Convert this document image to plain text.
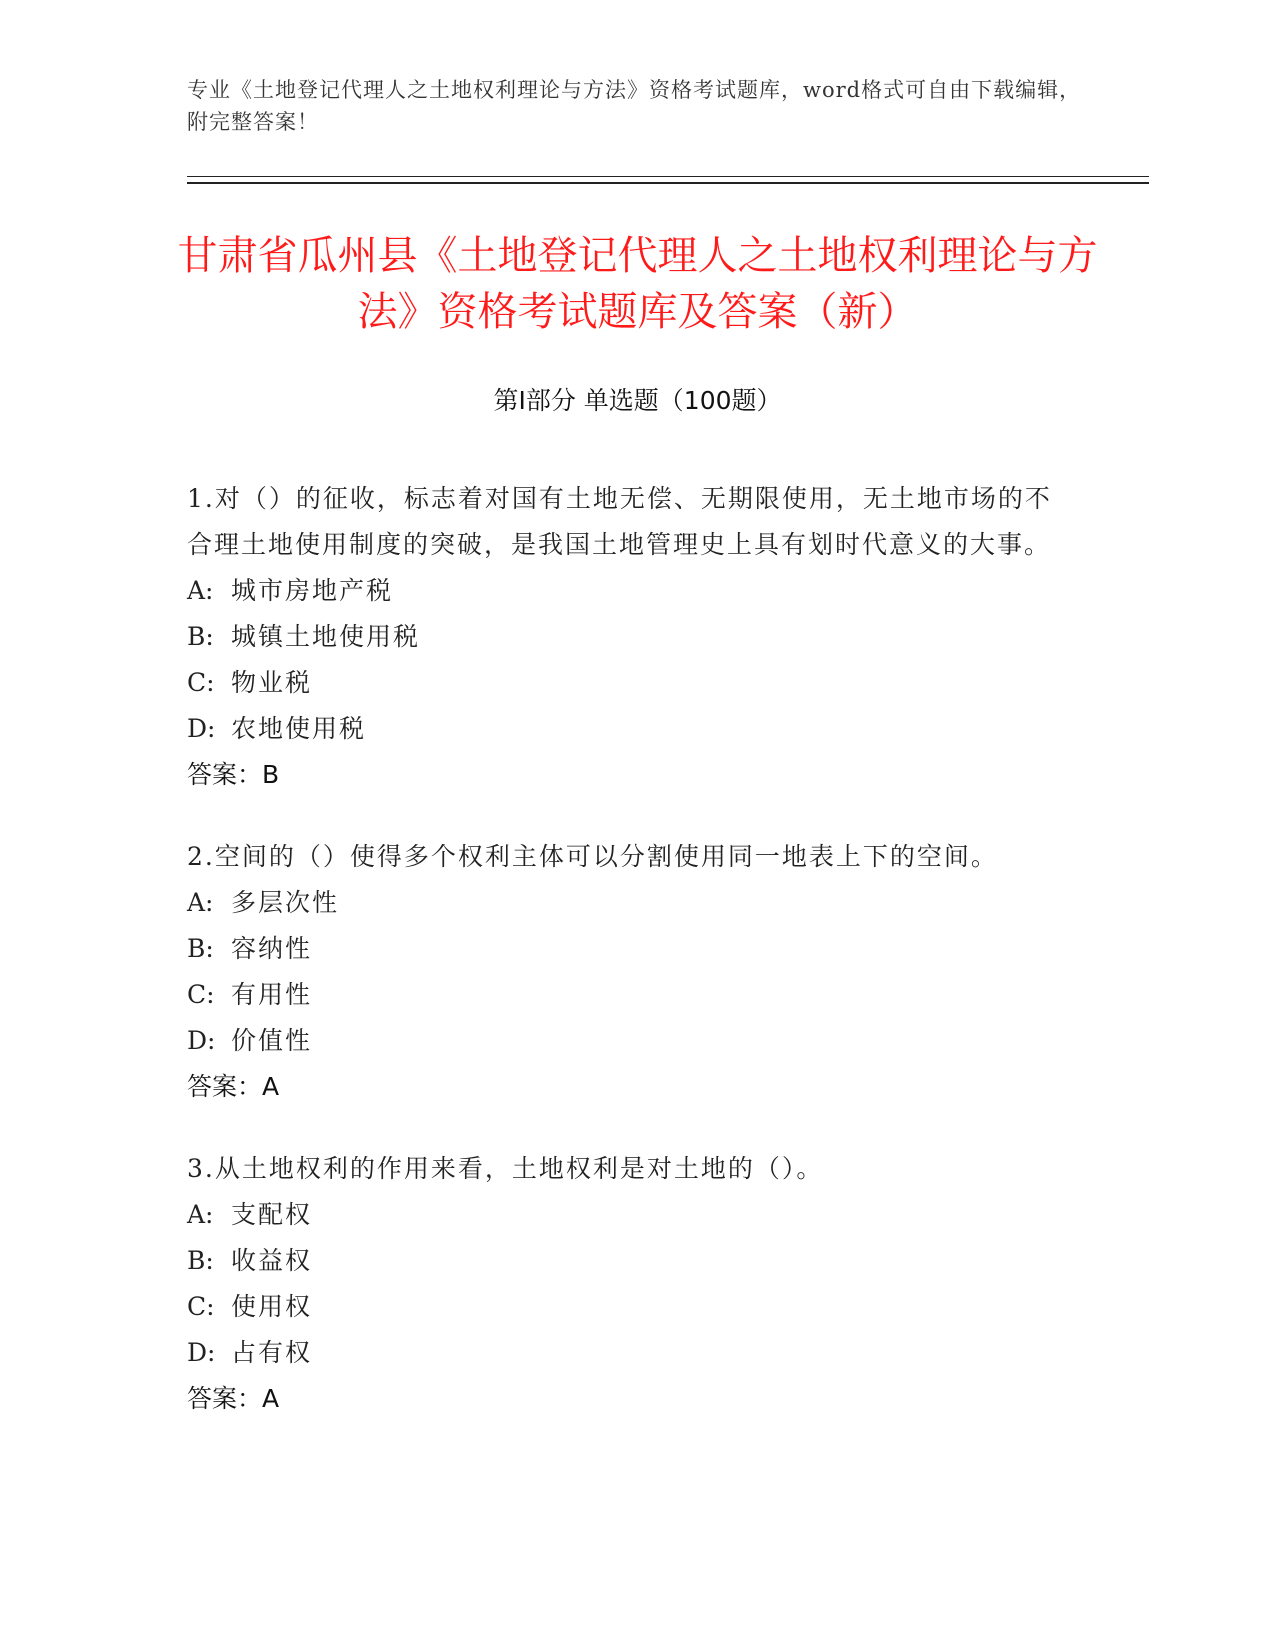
专业《土地登记代理人之土地权利理论与方法》资格考试题库，word格式可自由下载编辑，附完整答案！
甘肃省瓜州县《土地登记代理人之土地权利理论与方法》资格考试题库及答案（新）
第Ⅰ部分 单选题（100题）
1.对（）的征收，标志着对国有土地无偿、无期限使用，无土地市场的不合理土地使用制度的突破，是我国土地管理史上具有划时代意义的大事。
A: 城市房地产税
B: 城镇土地使用税
C: 物业税
D: 农地使用税
答案：B
2.空间的（）使得多个权利主体可以分割使用同一地表上下的空间。
A: 多层次性
B: 容纳性
C: 有用性
D: 价值性
答案：A
3.从土地权利的作用来看，土地权利是对土地的（）。
A: 支配权
B: 收益权
C: 使用权
D: 占有权
答案：A
